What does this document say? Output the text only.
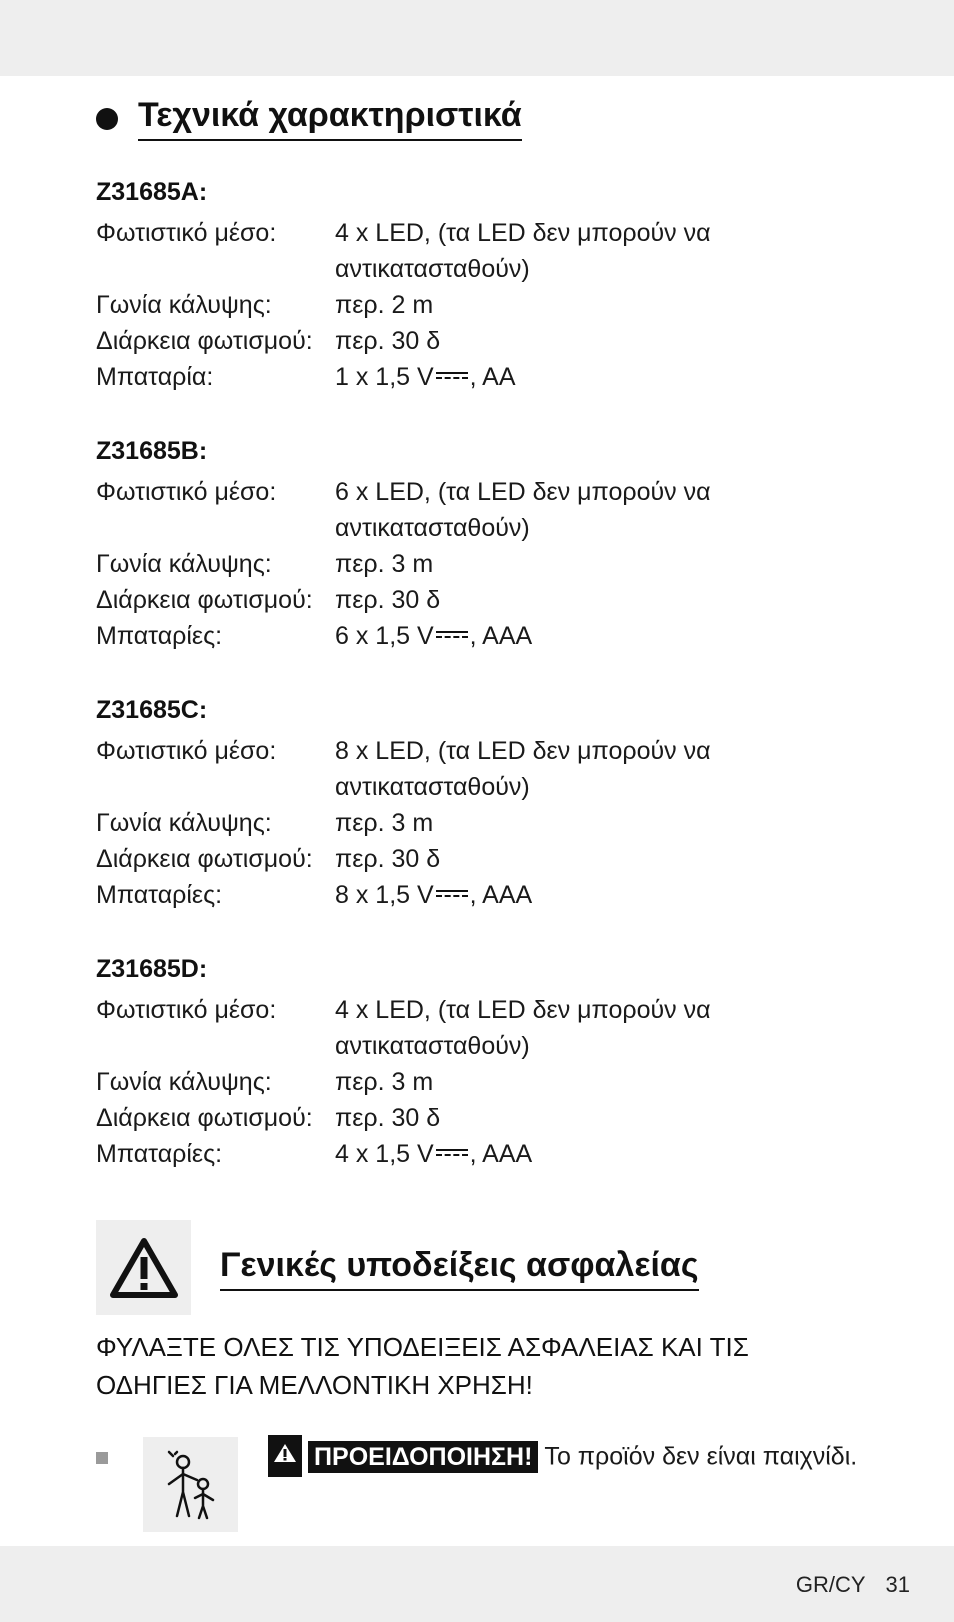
Τεχνικά χαρακτηριστικά
Z31685A:
Φωτιστικό μέσο:	4 x LED, (τα LED δεν μπορούν να αντικατασταθούν)
Γωνία κάλυψης:	περ. 2 m
Διάρκεια φωτισμού: περ. 30 δ
Μπαταρία:	1 x 1,5 V , AA
Z31685B:
Φωτιστικό μέσο:	6 x LED, (τα LED δεν μπορούν να αντικατασταθούν)
Γωνία κάλυψης:	περ. 3 m
Διάρκεια φωτισμού: περ. 30 δ
Μπαταρίες:	6 x 1,5 V , AAA
Z31685C:
Φωτιστικό μέσο:	8 x LED, (τα LED δεν μπορούν να αντικατασταθούν)
Γωνία κάλυψης:	περ. 3 m
Διάρκεια φωτισμού: περ. 30 δ
Μπαταρίες:	8 x 1,5 V , AAA
Z31685D:
Φωτιστικό μέσο:	4 x LED, (τα LED δεν μπορούν να αντικατασταθούν)
Γωνία κάλυψης:	περ. 3 m
Διάρκεια φωτισμού: περ. 30 δ
Μπαταρίες:	4 x 1,5 V , AAA
Γενικές υποδείξεις ασφαλείας
ΦΥΛΑΞΤΕ ΟΛΕΣ ΤΙΣ ΥΠΟΔΕΙΞΕΙΣ ΑΣΦΑΛΕΙΑΣ ΚΑΙ ΤΙΣ ΟΔΗΓΙΕΣ ΓΙΑ ΜΕΛΛΟΝΤΙΚΗ ΧΡΗΣΗ!
ΠΡΟΕΙΔΟΠΟΙΗΣΗ! Το προϊόν δεν είναι παιχνίδι.
GR/CY 31
